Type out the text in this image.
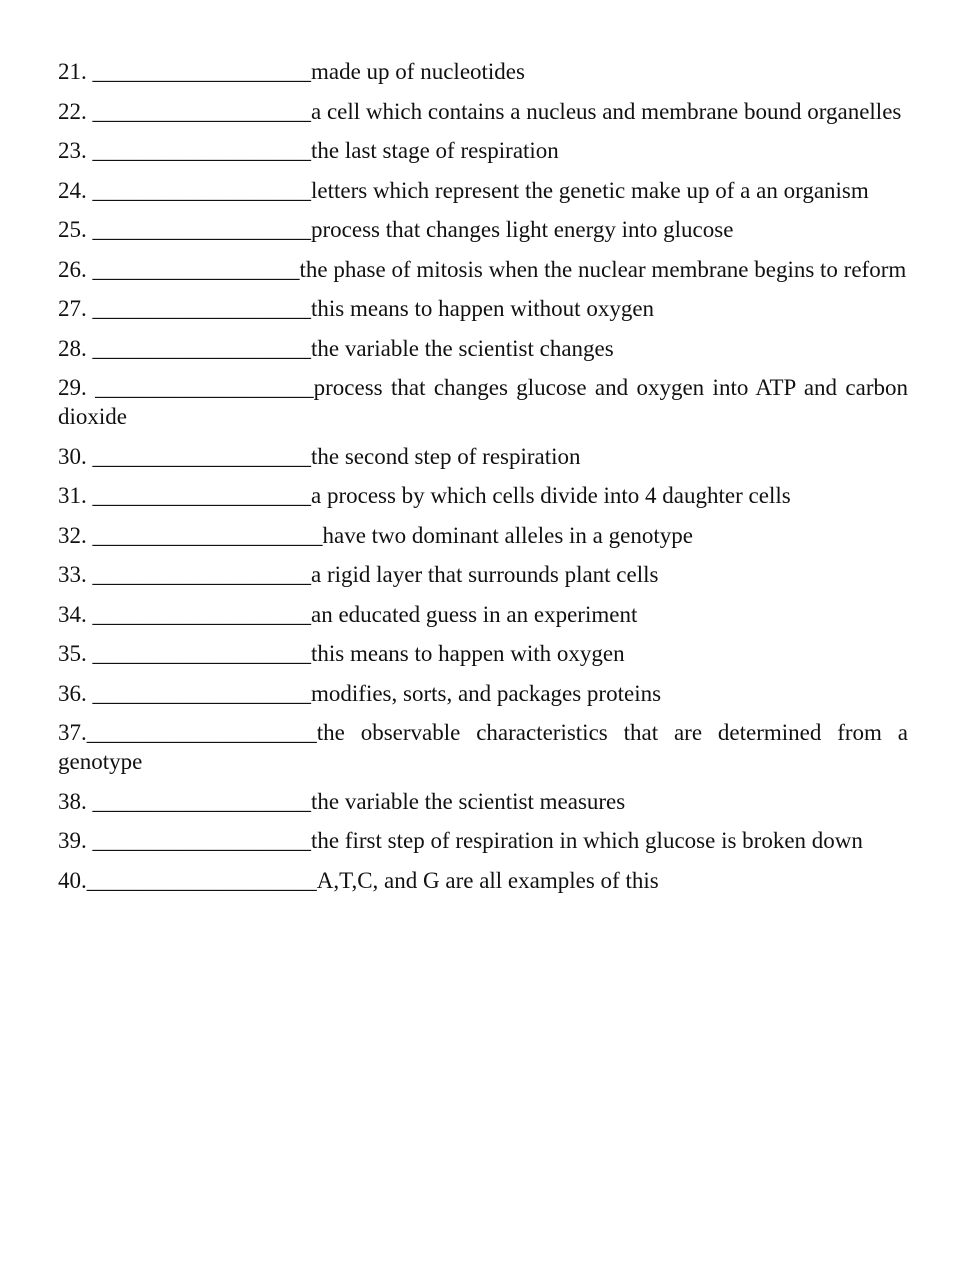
21. ___________________made up of nucleotides
22. ___________________a cell which contains a nucleus and membrane bound organelles
23. ___________________the last stage of respiration
24. ___________________letters which represent the genetic make up of a an organism
25. ___________________process that changes light energy into glucose
26. __________________the phase of mitosis when the nuclear membrane begins to reform
27. ___________________this means to happen without oxygen
28. ___________________the variable the scientist changes
29. ___________________process that changes glucose and oxygen into ATP and carbon dioxide
30. ___________________the second step of respiration
31. ___________________a process by which cells divide into 4 daughter cells
32. ____________________have two dominant alleles in a genotype
33. ___________________a rigid layer that surrounds plant cells
34. ___________________an educated guess in an experiment
35. ___________________this means to happen with oxygen
36. ___________________modifies, sorts, and packages proteins
37.____________________the observable characteristics that are determined from a genotype
38. ___________________the variable the scientist measures
39. ___________________the first step of respiration in which glucose is broken down
40.____________________A,T,C, and G are all examples of this
